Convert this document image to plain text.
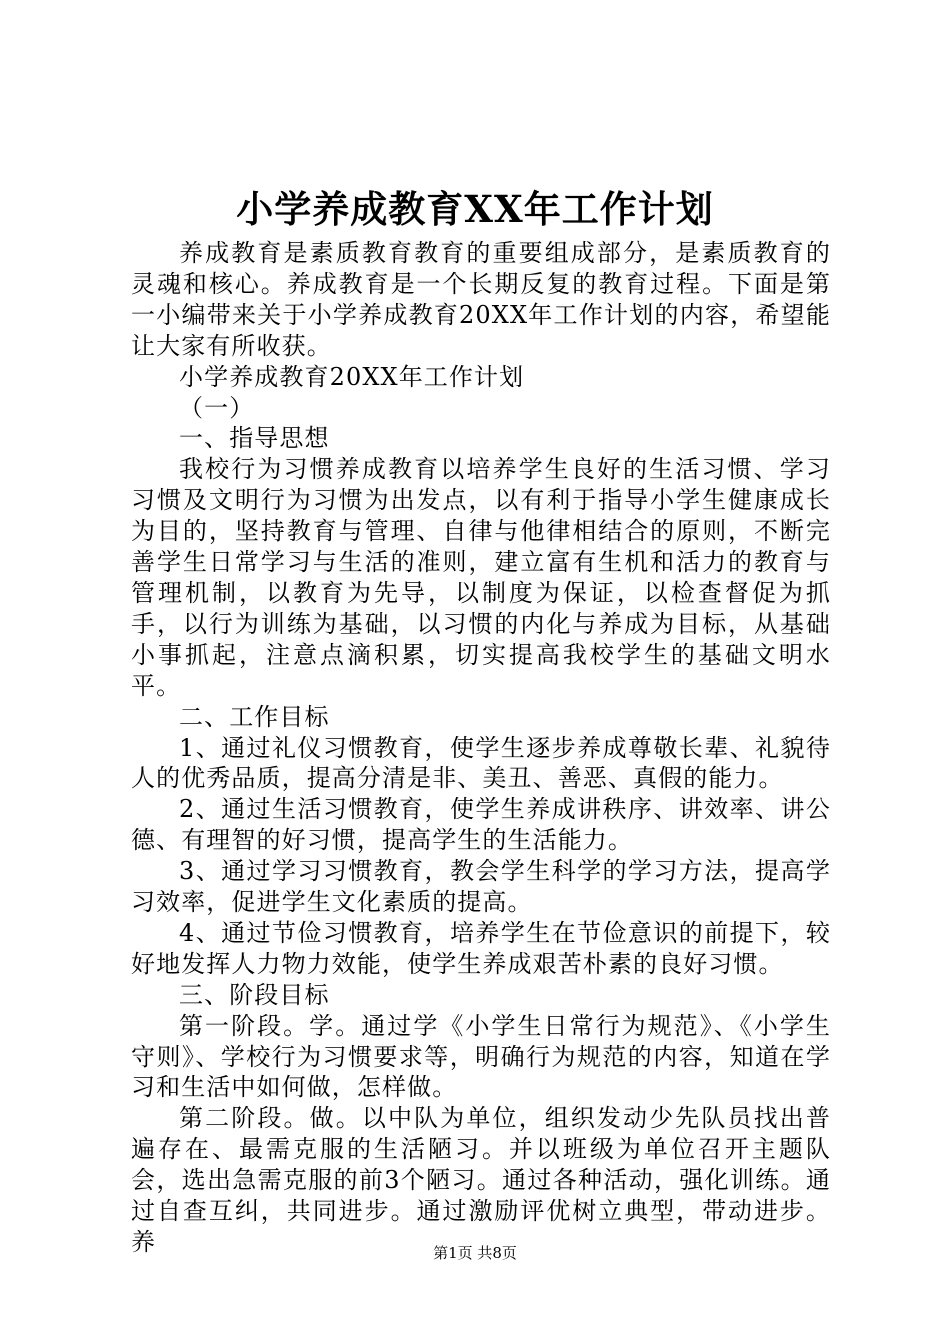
小学养成教育XX年工作计划

养成教育是素质教育教育的重要组成部分，是素质教育的灵魂和核心。养成教育是一个长期反复的教育过程。下面是第一小编带来关于小学养成教育20XX年工作计划的内容，希望能让大家有所收获。

小学养成教育20XX年工作计划

（一）

一、指导思想

我校行为习惯养成教育以培养学生良好的生活习惯、学习习惯及文明行为习惯为出发点，以有利于指导小学生健康成长为目的，坚持教育与管理、自律与他律相结合的原则，不断完善学生日常学习与生活的准则，建立富有生机和活力的教育与管理机制，以教育为先导，以制度为保证，以检查督促为抓手，以行为训练为基础，以习惯的内化与养成为目标，从基础小事抓起，注意点滴积累，切实提高我校学生的基础文明水平。

二、工作目标

1、通过礼仪习惯教育，使学生逐步养成尊敬长辈、礼貌待人的优秀品质，提高分清是非、美丑、善恶、真假的能力。

2、通过生活习惯教育，使学生养成讲秩序、讲效率、讲公德、有理智的好习惯，提高学生的生活能力。

3、通过学习习惯教育，教会学生科学的学习方法，提高学习效率，促进学生文化素质的提高。

4、通过节俭习惯教育，培养学生在节俭意识的前提下，较好地发挥人力物力效能，使学生养成艰苦朴素的良好习惯。

三、阶段目标

第一阶段。学。通过学《小学生日常行为规范》、《小学生守则》、学校行为习惯要求等，明确行为规范的内容，知道在学习和生活中如何做，怎样做。

第二阶段。做。以中队为单位，组织发动少先队员找出普遍存在、最需克服的生活陋习。并以班级为单位召开主题队会，选出急需克服的前3个陋习。通过各种活动，强化训练。通过自查互纠，共同进步。通过激励评优树立典型，带动进步。养	第1页 共8页
